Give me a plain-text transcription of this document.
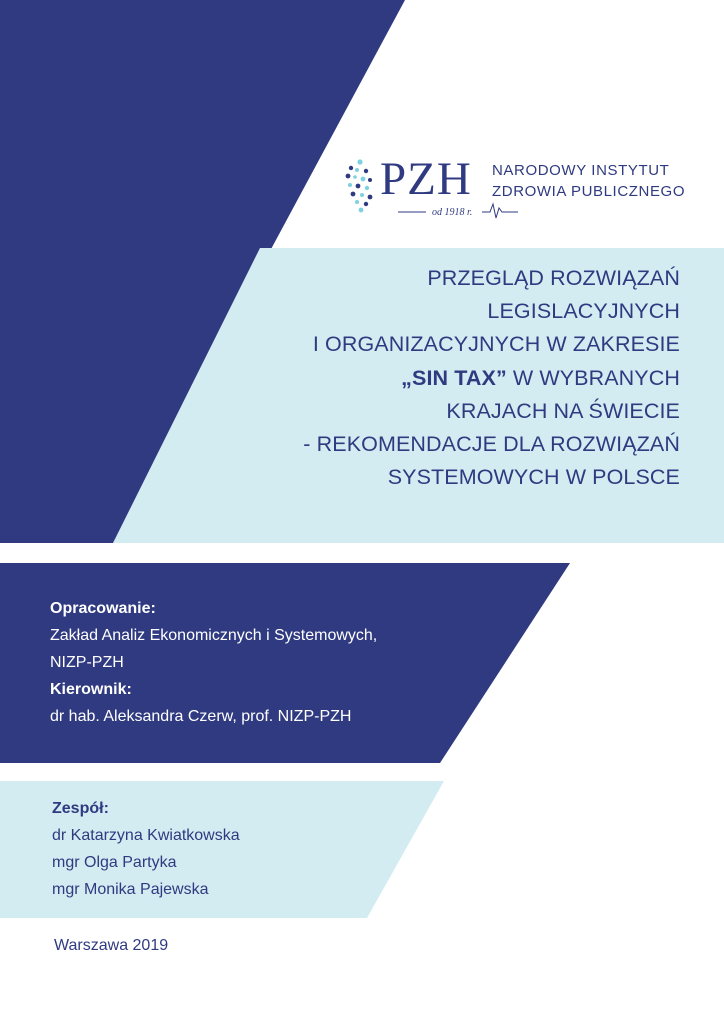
PZH NARODOWY INSTYTUT
ZDROWIA PUBLICZNEGO
od 1918 r.
PRZEGLĄD ROZWIĄZAŃ
LEGISLACYJNYCH
I ORGANIZACYJNYCH W ZAKRESIE
„SIN TAX” W WYBRANYCH
KRAJACH NA ŚWIECIE
- REKOMENDACJE DLA ROZWIĄZAŃ
SYSTEMOWYCH W POLSCE
Opracowanie:
Zakład Analiz Ekonomicznych i Systemowych,
NIZP-PZH
Kierownik:
dr hab. Aleksandra Czerw, prof. NIZP-PZH
Zespół:
dr Katarzyna Kwiatkowska
mgr Olga Partyka
mgr Monika Pajewska
Warszawa 2019
